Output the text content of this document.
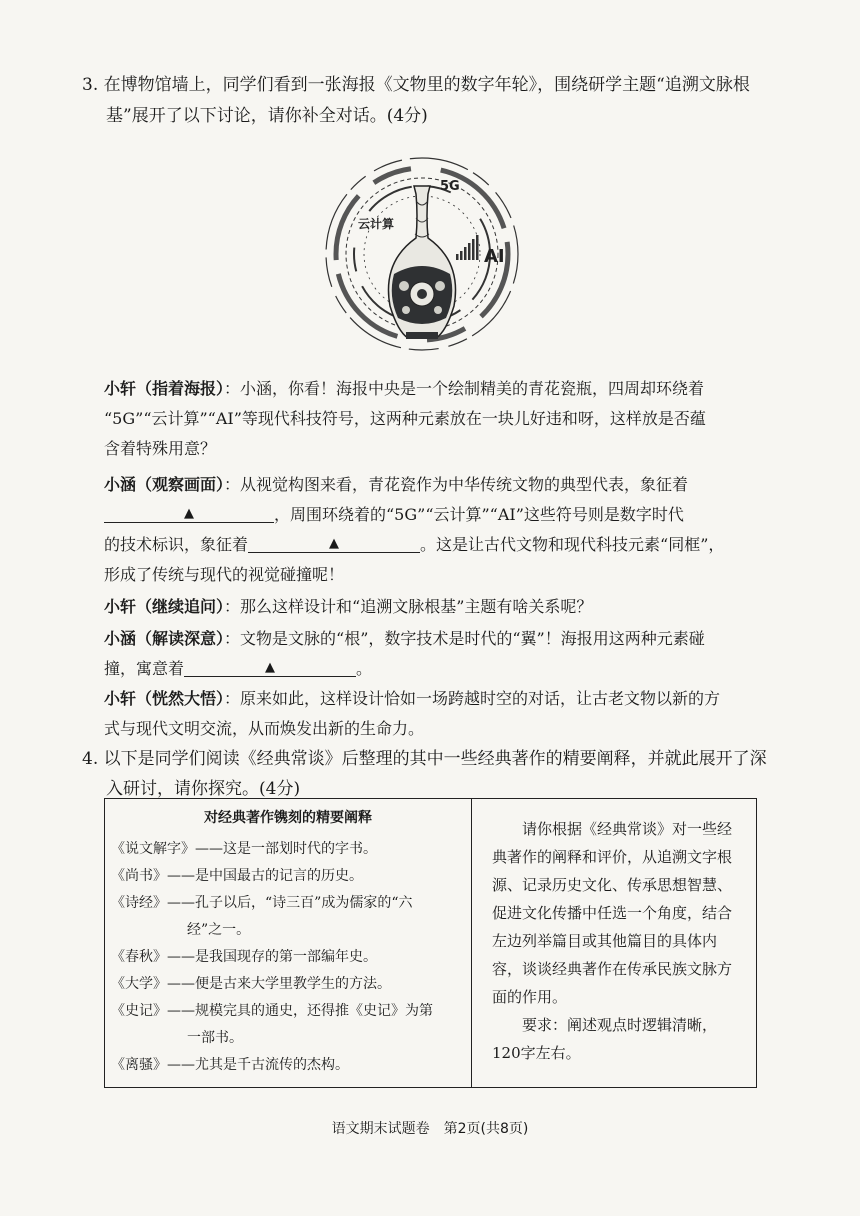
3. 在博物馆墙上，同学们看到一张海报《文物里的数字年轮》，围绕研学主题“追溯文脉根
基”展开了以下讨论，请你补全对话。(4分)
5G
云计算
AI
小轩（指着海报）：小涵，你看！海报中央是一个绘制精美的青花瓷瓶，四周却环绕着
“5G”“云计算”“AI”等现代科技符号，这两种元素放在一块儿好违和呀，这样放是否蕴
含着特殊用意？
小涵（观察画面）：从视觉构图来看，青花瓷作为中华传统文物的典型代表，象征着
▲	，周围环绕着的“5G”“云计算”“AI”这些符号则是数字时代
的技术标识，象征着	▲	。这是让古代文物和现代科技元素“同框”，
形成了传统与现代的视觉碰撞呢！
小轩（继续追问）：那么这样设计和“追溯文脉根基”主题有啥关系呢？
小涵（解读深意）：文物是文脉的“根”，数字技术是时代的“翼”！海报用这两种元素碰
撞，寓意着	▲	。
小轩（恍然大悟）：原来如此，这样设计恰如一场跨越时空的对话，让古老文物以新的方
式与现代文明交流，从而焕发出新的生命力。
4. 以下是同学们阅读《经典常谈》后整理的其中一些经典著作的精要阐释，并就此展开了深
入研讨，请你探究。(4分)
对经典著作镌刻的精要阐释
《说文解字》——这是一部划时代的字书。
《尚书》——是中国最古的记言的历史。
《诗经》——孔子以后，“诗三百”成为儒家的“六
经”之一。
《春秋》——是我国现存的第一部编年史。
《大学》——便是古来大学里教学生的方法。
《史记》——规模完具的通史，还得推《史记》为第
一部书。
《离骚》——尤其是千古流传的杰构。

请你根据《经典常谈》对一些经典著作的阐释和评价，从追溯文字根源、记录历史文化、传承思想智慧、促进文化传播中任选一个角度，结合左边列举篇目或其他篇目的具体内容，谈谈经典著作在传承民族文脉方面的作用。

要求：阐述观点时逻辑清晰，120字左右。

语文期末试题卷　第2页(共8页)
